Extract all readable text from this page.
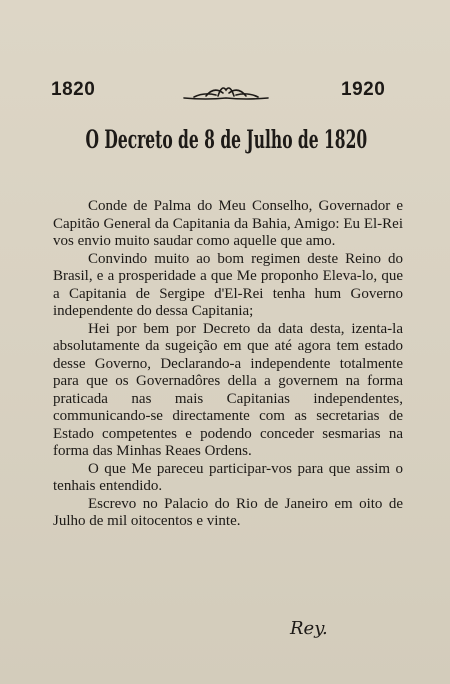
1820	1920
O Decreto de 8 de Julho de 1820

Conde de Palma do Meu Conselho, Governador e Capitão General da Capitania da Bahia, Amigo: Eu El-Rei vos envio muito saudar como aquelle que amo.

Convindo muito ao bom regimen deste Reino do Brasil, e a prosperidade a que Me proponho Eleva-lo, que a Capitania de Sergipe d'El-Rei tenha hum Governo independente do dessa Capitania;

Hei por bem por Decreto da data desta, izenta-la absolutamente da sugeição em que até agora tem estado desse Governo, Declarando-a independente totalmente para que os Governadôres della a governem na forma praticada nas mais Capitanias independentes, communicando-se directamente com as secretarias de Estado competentes e podendo conceder sesmarias na forma das Minhas Reaes Ordens.

O que Me pareceu participar-vos para que assim o tenhais entendido.

Escrevo no Palacio do Rio de Janeiro em oito de Julho de mil oitocentos e vinte.

Rey.
